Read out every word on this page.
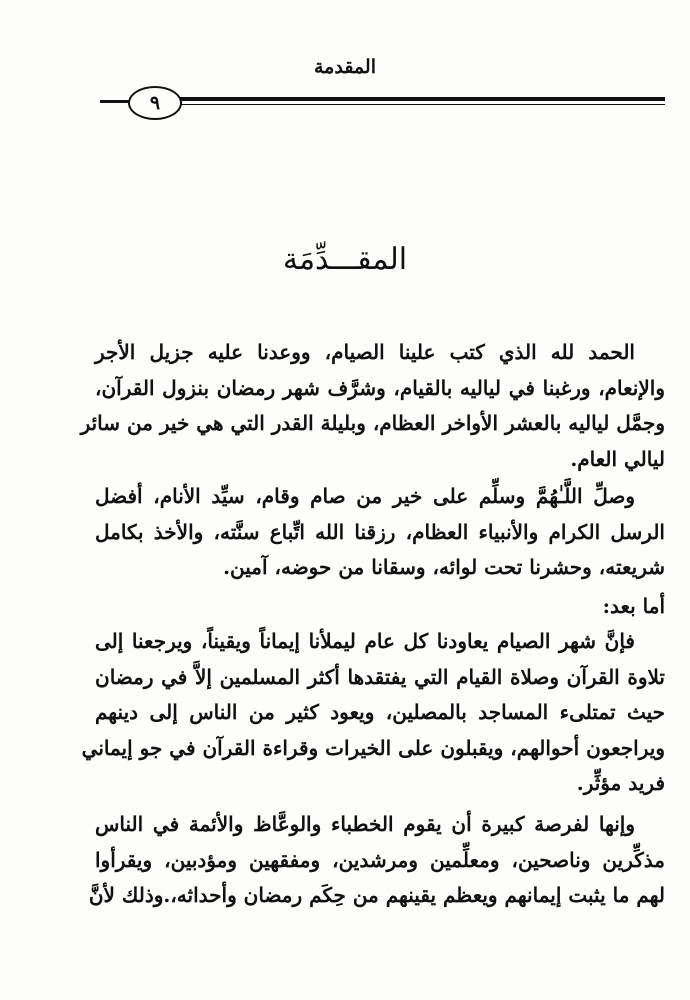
المقدمة
٩
المقـــدِّمَة
الحمد لله الذي كتب علينا الصيام، ووعدنا عليه جزيل الأجر
والإنعام، ورغبنا في لياليه بالقيام، وشرَّف شهر رمضان بنزول القرآن،
وجمَّل لياليه بالعشر الأواخر العظام، وبليلة القدر التي هي خير من سائر
ليالي العام.
وصلِّ اللَّـٰهُمَّ وسلِّم على خير من صام وقام، سيِّد الأنام، أفضل
الرسل الكرام والأنبياء العظام، رزقنا الله اتِّباع سنَّته، والأخذ بكامل
شريعته، وحشرنا تحت لوائه، وسقانا من حوضه، آمين.
أما بعد:
فإنَّ شهر الصيام يعاودنا كل عام ليملأنا إيماناً ويقيناً، ويرجعنا إلى
تلاوة القرآن وصلاة القيام التي يفتقدها أكثر المسلمين إلاَّ في رمضان
حيث تمتلىء المساجد بالمصلين، ويعود كثير من الناس إلى دينهم
ويراجعون أحوالهم، ويقبلون على الخيرات وقراءة القرآن في جو إيماني
فريد مؤثِّر.
وإنها لفرصة كبيرة أن يقوم الخطباء والوعَّاظ والأئمة في الناس
مذكِّرين وناصحين، ومعلِّمين ومرشدين، ومفقهين ومؤدبين، ويقرأوا
لهم ما يثبت إيمانهم ويعظم يقينهم من حِكَم رمضان وأحداثه،.وذلك لأنَّ
